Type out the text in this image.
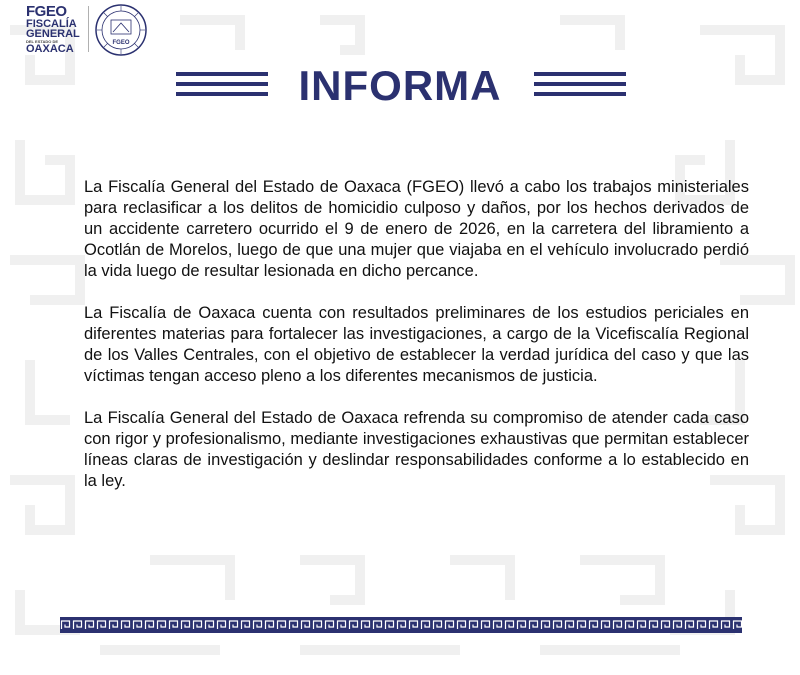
FGEO
FISCALÍA
GENERAL
DEL ESTADO DE
OAXACA	FGEO
INFORMA

La Fiscalía General del Estado de Oaxaca (FGEO) llevó a cabo los trabajos ministeriales para reclasificar a los delitos de homicidio culposo y daños, por los hechos derivados de un accidente carretero ocurrido el 9 de enero de 2026, en la carretera del libramiento a Ocotlán de Morelos, luego de que una mujer que viajaba en el vehículo involucrado perdió la vida luego de resultar lesionada en dicho percance.

La Fiscalía de Oaxaca cuenta con resultados preliminares de los estudios periciales en diferentes materias para fortalecer las investigaciones, a cargo de la Vicefiscalía Regional de los Valles Centrales, con el objetivo de establecer la verdad jurídica del caso y que las víctimas tengan acceso pleno a los diferentes mecanismos de justicia.

La Fiscalía General del Estado de Oaxaca refrenda su compromiso de atender cada caso con rigor y profesionalismo, mediante investigaciones exhaustivas que permitan establecer líneas claras de investigación y deslindar responsabilidades conforme a lo establecido en la ley.
